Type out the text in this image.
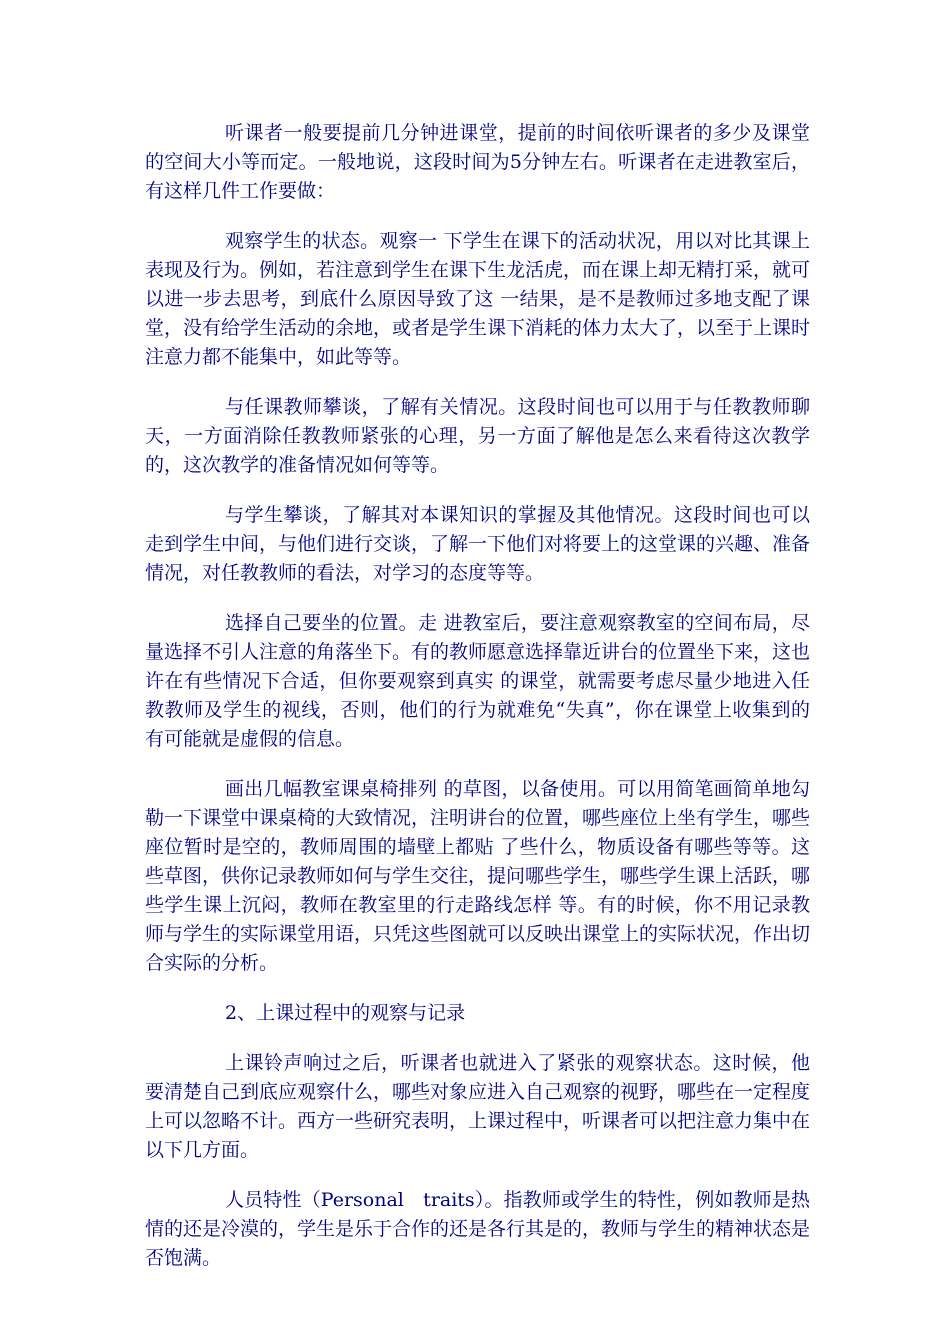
听课者一般要提前几分钟进课堂，提前的时间依听课者的多少及课堂的空间大小等而定。一般地说，这段时间为5分钟左右。听课者在走进教室后，有这样几件工作要做：

观察学生的状态。观察一 下学生在课下的活动状况，用以对比其课上表现及行为。例如，若注意到学生在课下生龙活虎，而在课上却无精打采，就可以进一步去思考，到底什么原因导致了这 一结果，是不是教师过多地支配了课堂，没有给学生活动的余地，或者是学生课下消耗的体力太大了，以至于上课时注意力都不能集中，如此等等。

与任课教师攀谈，了解有关情况。这段时间也可以用于与任教教师聊天，一方面消除任教教师紧张的心理，另一方面了解他是怎么来看待这次教学的，这次教学的准备情况如何等等。

与学生攀谈，了解其对本课知识的掌握及其他情况。这段时间也可以走到学生中间，与他们进行交谈，了解一下他们对将要上的这堂课的兴趣、准备情况，对任教教师的看法，对学习的态度等等。

选择自己要坐的位置。走 进教室后，要注意观察教室的空间布局，尽量选择不引人注意的角落坐下。有的教师愿意选择靠近讲台的位置坐下来，这也许在有些情况下合适，但你要观察到真实 的课堂，就需要考虑尽量少地进入任教教师及学生的视线，否则，他们的行为就难免“失真”，你在课堂上收集到的有可能就是虚假的信息。

画出几幅教室课桌椅排列 的草图，以备使用。可以用简笔画简单地勾勒一下课堂中课桌椅的大致情况，注明讲台的位置，哪些座位上坐有学生，哪些座位暂时是空的，教师周围的墙壁上都贴 了些什么，物质设备有哪些等等。这些草图，供你记录教师如何与学生交往，提问哪些学生，哪些学生课上活跃，哪些学生课上沉闷，教师在教室里的行走路线怎样 等。有的时候，你不用记录教师与学生的实际课堂用语，只凭这些图就可以反映出课堂上的实际状况，作出切合实际的分析。

2、上课过程中的观察与记录

上课铃声响过之后，听课者也就进入了紧张的观察状态。这时候，他要清楚自己到底应观察什么，哪些对象应进入自己观察的视野，哪些在一定程度上可以忽略不计。西方一些研究表明，上课过程中，听课者可以把注意力集中在以下几方面。

人员特性（Personal　traits）。指教师或学生的特性，例如教师是热情的还是冷漠的，学生是乐于合作的还是各行其是的，教师与学生的精神状态是否饱满。
